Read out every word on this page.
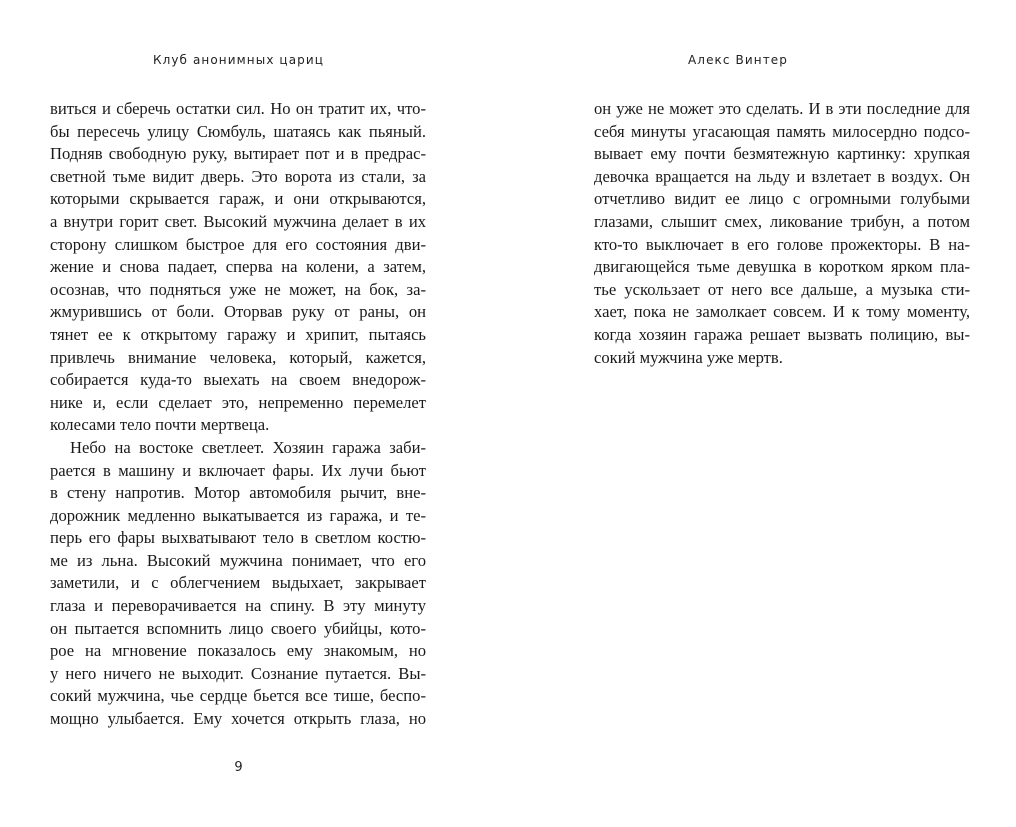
Клуб анонимных цариц
виться и сберечь остатки сил. Но он тратит их, что-
бы пересечь улицу Сюмбуль, шатаясь как пьяный.
Подняв свободную руку, вытирает пот и в предрас-
светной тьме видит дверь. Это ворота из стали, за
которыми скрывается гараж, и они открываются,
а внутри горит свет. Высокий мужчина делает в их
сторону слишком быстрое для его состояния дви-
жение и снова падает, сперва на колени, а затем,
осознав, что подняться уже не может, на бок, за-
жмурившись от боли. Оторвав руку от раны, он
тянет ее к открытому гаражу и хрипит, пытаясь
привлечь внимание человека, который, кажется,
собирается куда-то выехать на своем внедорож-
нике и, если сделает это, непременно перемелет
колесами тело почти мертвеца.
Небо на востоке светлеет. Хозяин гаража заби-
рается в машину и включает фары. Их лучи бьют
в стену напротив. Мотор автомобиля рычит, вне-
дорожник медленно выкатывается из гаража, и те-
перь его фары выхватывают тело в светлом костю-
ме из льна. Высокий мужчина понимает, что его
заметили, и с облегчением выдыхает, закрывает
глаза и переворачивается на спину. В эту минуту
он пытается вспомнить лицо своего убийцы, кото-
рое на мгновение показалось ему знакомым, но
у него ничего не выходит. Сознание путается. Вы-
сокий мужчина, чье сердце бьется все тише, беспо-
мощно улыбается. Ему хочется открыть глаза, но
9
Алекс Винтер
он уже не может это сделать. И в эти последние для
себя минуты угасающая память милосердно подсо-
вывает ему почти безмятежную картинку: хрупкая
девочка вращается на льду и взлетает в воздух. Он
отчетливо видит ее лицо с огромными голубыми
глазами, слышит смех, ликование трибун, а потом
кто-то выключает в его голове прожекторы. В на-
двигающейся тьме девушка в коротком ярком пла-
тье ускользает от него все дальше, а музыка сти-
хает, пока не замолкает совсем. И к тому моменту,
когда хозяин гаража решает вызвать полицию, вы-
сокий мужчина уже мертв.
